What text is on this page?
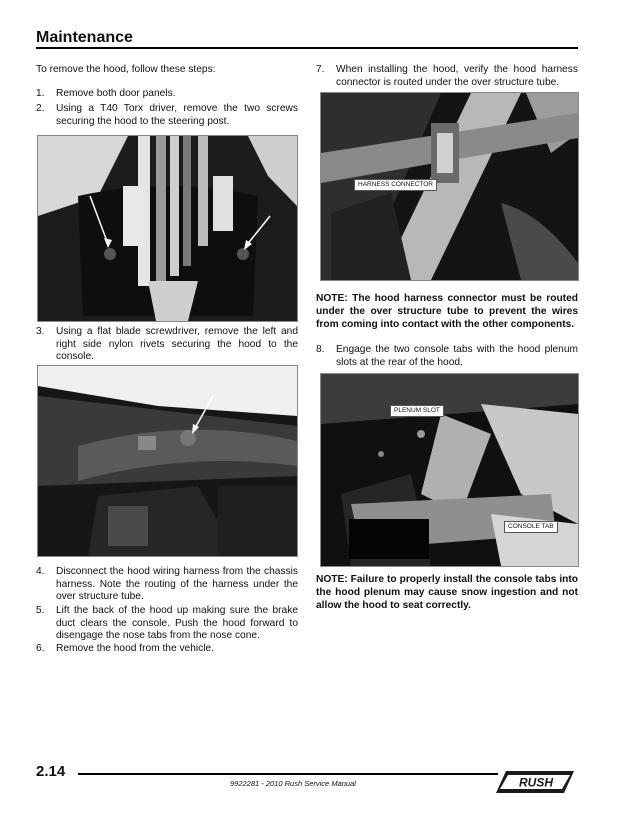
Maintenance
To remove the hood, follow these steps:
1. Remove both door panels.
2. Using a T40 Torx driver, remove the two screws securing the hood to the steering post.
3. Using a flat blade screwdriver, remove the left and right side nylon rivets securing the hood to the console.
4. Disconnect the hood wiring harness from the chassis harness. Note the routing of the harness under the over structure tube.
5. Lift the back of the hood up making sure the brake duct clears the console. Push the hood forward to disengage the nose tabs from the nose cone.
6. Remove the hood from the vehicle.
7. When installing the hood, verify the hood harness connector is routed under the over structure tube.
HARNESS CONNECTOR
NOTE: The hood harness connector must be routed under the over structure tube to prevent the wires from coming into contact with the other components.
8. Engage the two console tabs with the hood plenum slots at the rear of the hood.
PLENUM SLOT
CONSOLE TAB
NOTE: Failure to properly install the console tabs into the hood plenum may cause snow ingestion and not allow the hood to seat correctly.
2.14
9922281 - 2010 Rush Service Manual	RUSH
